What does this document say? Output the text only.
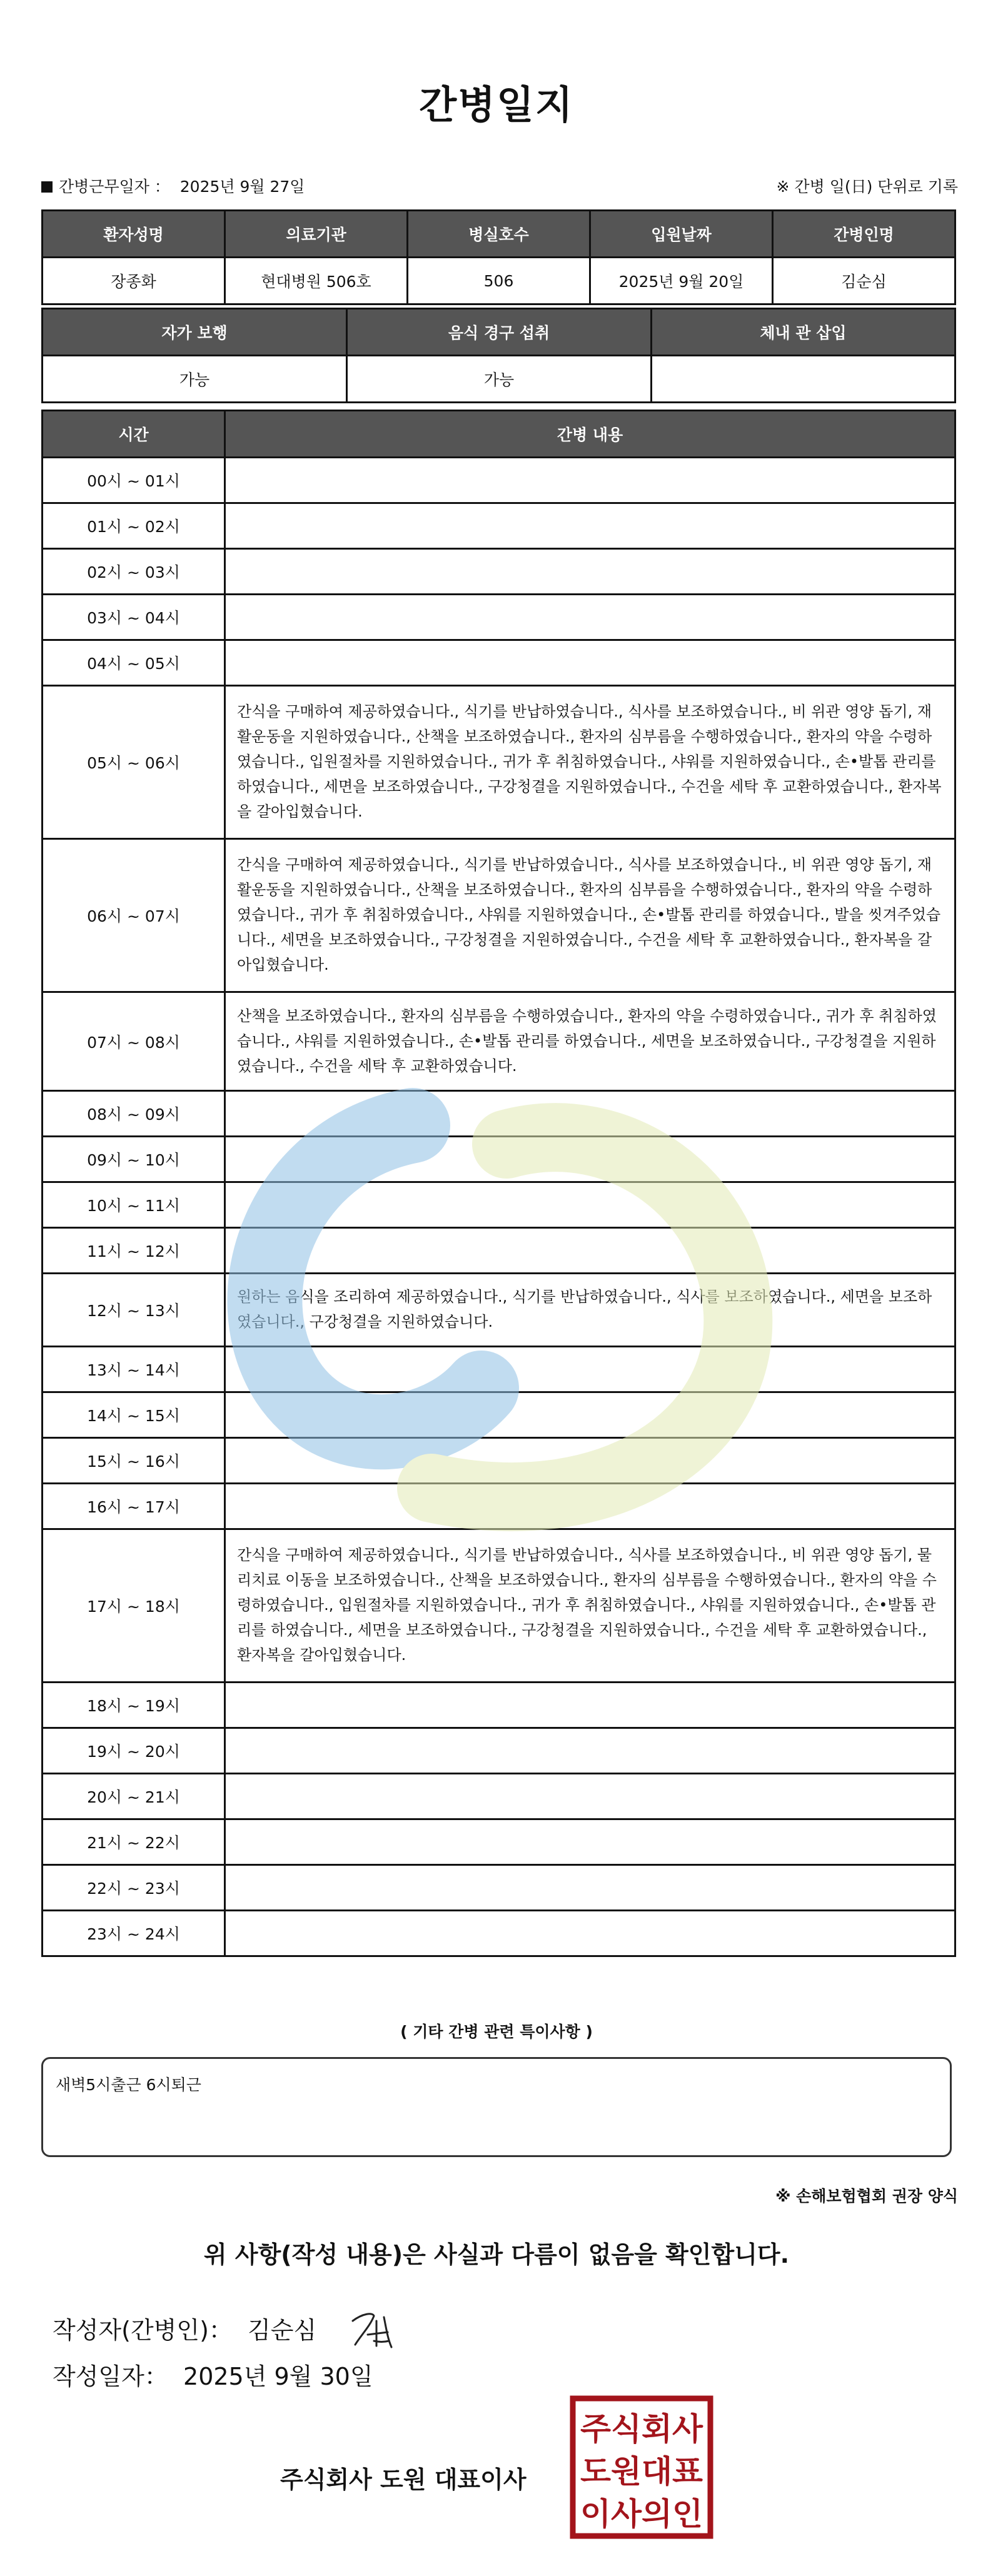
간병일지
간병근무일자 ： 2025년 9월 27일	※ 간병 일(日) 단위로 기록
환자성명	의료기관	병실호수	입원날짜	간병인명
장종화	현대병원 506호	506	2025년 9월 20일	김순심
자가 보행	음식 경구 섭취	체내 관 삽입
가능	가능	
시간	간병 내용
00시 ~ 01시	
01시 ~ 02시	
02시 ~ 03시	
03시 ~ 04시	
04시 ~ 05시	
05시 ~ 06시	간식을 구매하여 제공하였습니다., 식기를 반납하였습니다., 식사를 보조하였습니다., 비 위관 영양 돕기, 재활운동을 지원하였습니다., 산책을 보조하였습니다., 환자의 심부름을 수행하였습니다., 환자의 약을 수령하였습니다., 입원절차를 지원하였습니다., 귀가 후 취침하였습니다., 샤워를 지원하였습니다., 손•발톱 관리를 하였습니다., 세면을 보조하였습니다., 구강청결을 지원하였습니다., 수건을 세탁 후 교환하였습니다., 환자복을 갈아입혔습니다.
06시 ~ 07시	간식을 구매하여 제공하였습니다., 식기를 반납하였습니다., 식사를 보조하였습니다., 비 위관 영양 돕기, 재활운동을 지원하였습니다., 산책을 보조하였습니다., 환자의 심부름을 수행하였습니다., 환자의 약을 수령하였습니다., 귀가 후 취침하였습니다., 샤워를 지원하였습니다., 손•발톱 관리를 하였습니다., 발을 씻겨주었습니다., 세면을 보조하였습니다., 구강청결을 지원하였습니다., 수건을 세탁 후 교환하였습니다., 환자복을 갈아입혔습니다.
07시 ~ 08시	산책을 보조하였습니다., 환자의 심부름을 수행하였습니다., 환자의 약을 수령하였습니다., 귀가 후 취침하였습니다., 샤워를 지원하였습니다., 손•발톱 관리를 하였습니다., 세면을 보조하였습니다., 구강청결을 지원하였습니다., 수건을 세탁 후 교환하였습니다.
08시 ~ 09시	
09시 ~ 10시	
10시 ~ 11시	
11시 ~ 12시	
12시 ~ 13시	원하는 음식을 조리하여 제공하였습니다., 식기를 반납하였습니다., 식사를 보조하였습니다., 세면을 보조하였습니다., 구강청결을 지원하였습니다.
13시 ~ 14시	
14시 ~ 15시	
15시 ~ 16시	
16시 ~ 17시	
17시 ~ 18시	간식을 구매하여 제공하였습니다., 식기를 반납하였습니다., 식사를 보조하였습니다., 비 위관 영양 돕기, 물리치료 이동을 보조하였습니다., 산책을 보조하였습니다., 환자의 심부름을 수행하였습니다., 환자의 약을 수령하였습니다., 입원절차를 지원하였습니다., 귀가 후 취침하였습니다., 샤워를 지원하였습니다., 손•발톱 관리를 하였습니다., 세면을 보조하였습니다., 구강청결을 지원하였습니다., 수건을 세탁 후 교환하였습니다., 환자복을 갈아입혔습니다.
18시 ~ 19시	
19시 ~ 20시	
20시 ~ 21시	
21시 ~ 22시	
22시 ~ 23시	
23시 ~ 24시	
( 기타 간병 관련 특이사항 )
새벽5시출근 6시퇴근
※ 손해보험협회 권장 양식
위 사항(작성 내용)은 사실과 다름이 없음을 확인합니다.
작성자(간병인)： 김순심
작성일자： 2025년 9월 30일
주식회사 도원 대표이사
주식회사
도원대표
이사의인
